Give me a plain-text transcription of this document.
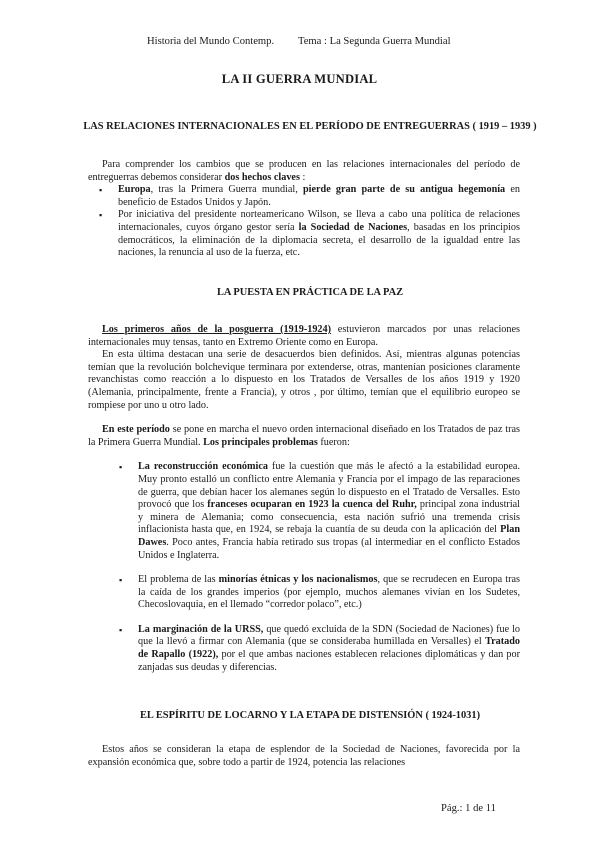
Historia del Mundo Contemp. Tema : La Segunda Guerra Mundial
LA II GUERRA MUNDIAL
LAS RELACIONES INTERNACIONALES EN EL PERÍODO DE ENTREGUERRAS ( 1919 – 1939 )
Para comprender los cambios que se producen en las relaciones internacionales del período de entreguerras debemos considerar dos hechos claves :
▪ Europa, tras la Primera Guerra mundial, pierde gran parte de su antigua hegemonía en beneficio de Estados Unidos y Japón.
▪ Por iniciativa del presidente norteamericano Wilson, se lleva a cabo una política de relaciones internacionales, cuyos órgano gestor sería la Sociedad de Naciones, basadas en los principios democráticos, la eliminación de la diplomacia secreta, el desarrollo de la igualdad entre las naciones, la renuncia al uso de la fuerza, etc.
LA PUESTA EN PRÁCTICA DE LA PAZ
Los primeros años de la posguerra (1919-1924) estuvieron marcados por unas relaciones internacionales muy tensas, tanto en Extremo Oriente como en Europa.
En esta última destacan una serie de desacuerdos bien definidos. Así, mientras algunas potencias temían que la revolución bolchevique terminara por extenderse, otras, mantenían posiciones claramente revanchistas como reacción a lo dispuesto en los Tratados de Versalles de los años 1919 y 1920 (Alemania, principalmente, frente a Francia), y otros , por último, temían que el equilibrio europeo se rompiese por uno u otro lado.
En este período se pone en marcha el nuevo orden internacional diseñado en los Tratados de paz tras la Primera Guerra Mundial. Los principales problemas fueron:
▪ La reconstrucción económica fue la cuestión que más le afectó a la estabilidad europea. Muy pronto estalló un conflicto entre Alemania y Francia por el impago de las reparaciones de guerra, que debían hacer los alemanes según lo dispuesto en el Tratado de Versalles. Esto provocó que los franceses ocuparan en 1923 la cuenca del Ruhr, principal zona industrial y minera de Alemania; como consecuencia, esta nación sufrió una tremenda crisis inflacionista hasta que, en 1924, se rebaja la cuantía de su deuda con la aplicación del Plan Dawes. Poco antes, Francia había retirado sus tropas (al intermediar en el conflicto Estados Unidos e Inglaterra.
▪ El problema de las minorías étnicas y los nacionalismos, que se recrudecen en Europa tras la caída de los grandes imperios (por ejemplo, muchos alemanes vivían en los Sudetes, Checoslovaquia, en el llemado “corredor polaco”, etc.)
▪ La marginación de la URSS, que quedó excluida de la SDN (Sociedad de Naciones) fue lo que la llevó a firmar con Alemania (que se consideraba humillada en Versalles) el Tratado de Rapallo (1922), por el que ambas naciones establecen relaciones diplomáticas y dan por zanjadas sus deudas y diferencias.
EL ESPÍRITU DE LOCARNO Y LA ETAPA DE DISTENSIÓN ( 1924-1031)
Estos años se consideran la etapa de esplendor de la Sociedad de Naciones, favorecida por la expansión económica que, sobre todo a partir de 1924, potencia las relaciones
Pág.: 1 de 11
